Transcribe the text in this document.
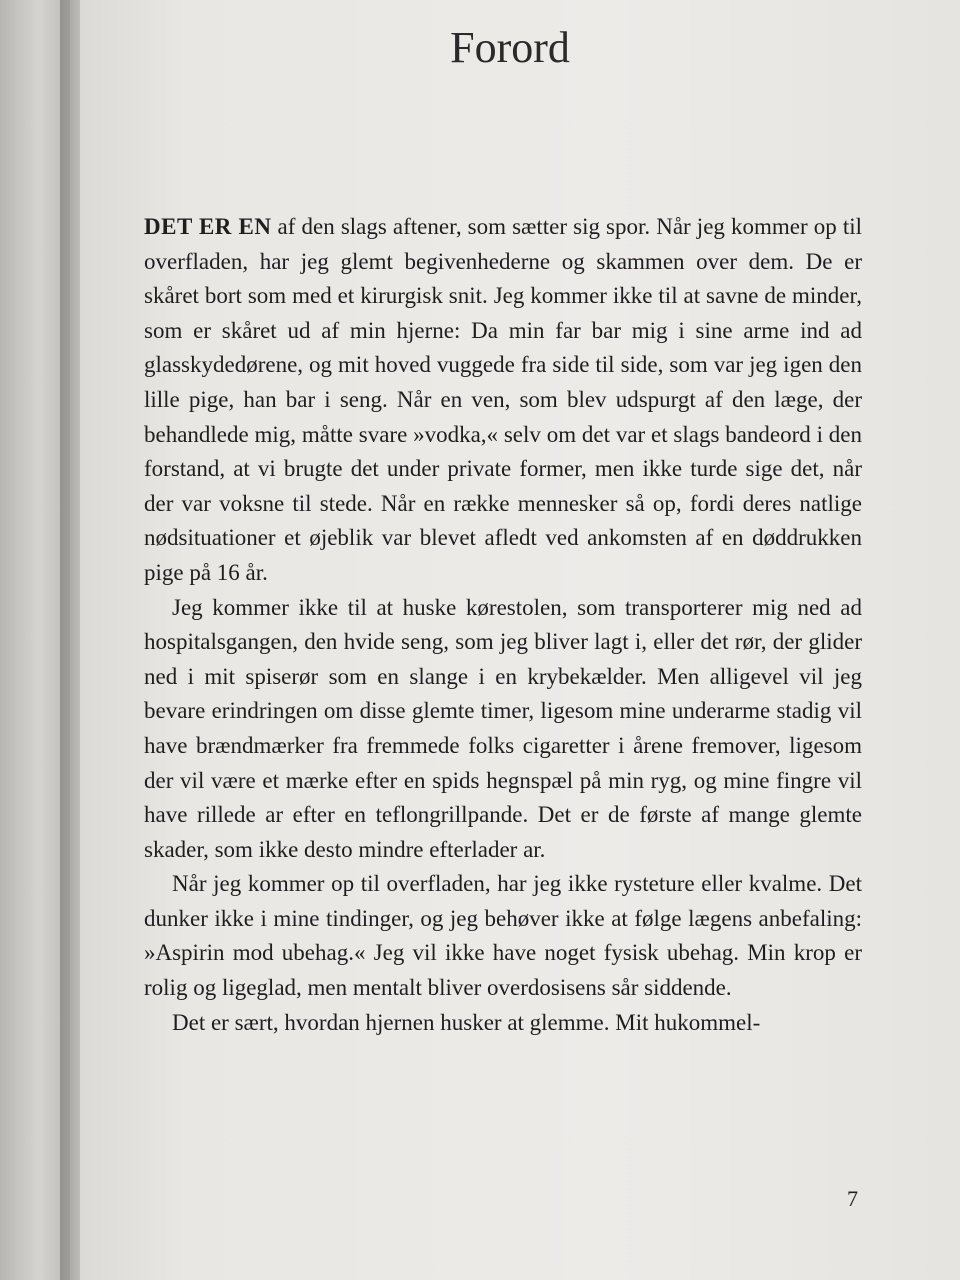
Forord

DET ER EN af den slags aftener, som sætter sig spor. Når jeg kommer op til overfladen, har jeg glemt begivenhederne og skammen over dem. De er skåret bort som med et kirurgisk snit. Jeg kommer ikke til at savne de minder, som er skåret ud af min hjerne: Da min far bar mig i sine arme ind ad glasskydedørene, og mit hoved vuggede fra side til side, som var jeg igen den lille pige, han bar i seng. Når en ven, som blev udspurgt af den læge, der behandlede mig, måtte svare »vodka,« selv om det var et slags bandeord i den forstand, at vi brugte det under private former, men ikke turde sige det, når der var voksne til stede. Når en række mennesker så op, fordi deres natlige nødsituationer et øjeblik var blevet afledt ved ankomsten af en døddrukken pige på 16 år.

Jeg kommer ikke til at huske kørestolen, som transporterer mig ned ad hospitalsgangen, den hvide seng, som jeg bliver lagt i, eller det rør, der glider ned i mit spiserør som en slange i en krybekælder. Men alligevel vil jeg bevare erindringen om disse glemte timer, ligesom mine underarme stadig vil have brændmærker fra fremmede folks cigaretter i årene fremover, ligesom der vil være et mærke efter en spids hegnspæl på min ryg, og mine fingre vil have rillede ar efter en teflongrillpande. Det er de første af mange glemte skader, som ikke desto mindre efterlader ar.

Når jeg kommer op til overfladen, har jeg ikke rysteture eller kvalme. Det dunker ikke i mine tindinger, og jeg behøver ikke at følge lægens anbefaling: »Aspirin mod ubehag.« Jeg vil ikke have noget fysisk ubehag. Min krop er rolig og ligeglad, men mentalt bliver overdosisens sår siddende.

Det er sært, hvordan hjernen husker at glemme. Mit hukommel-

7
